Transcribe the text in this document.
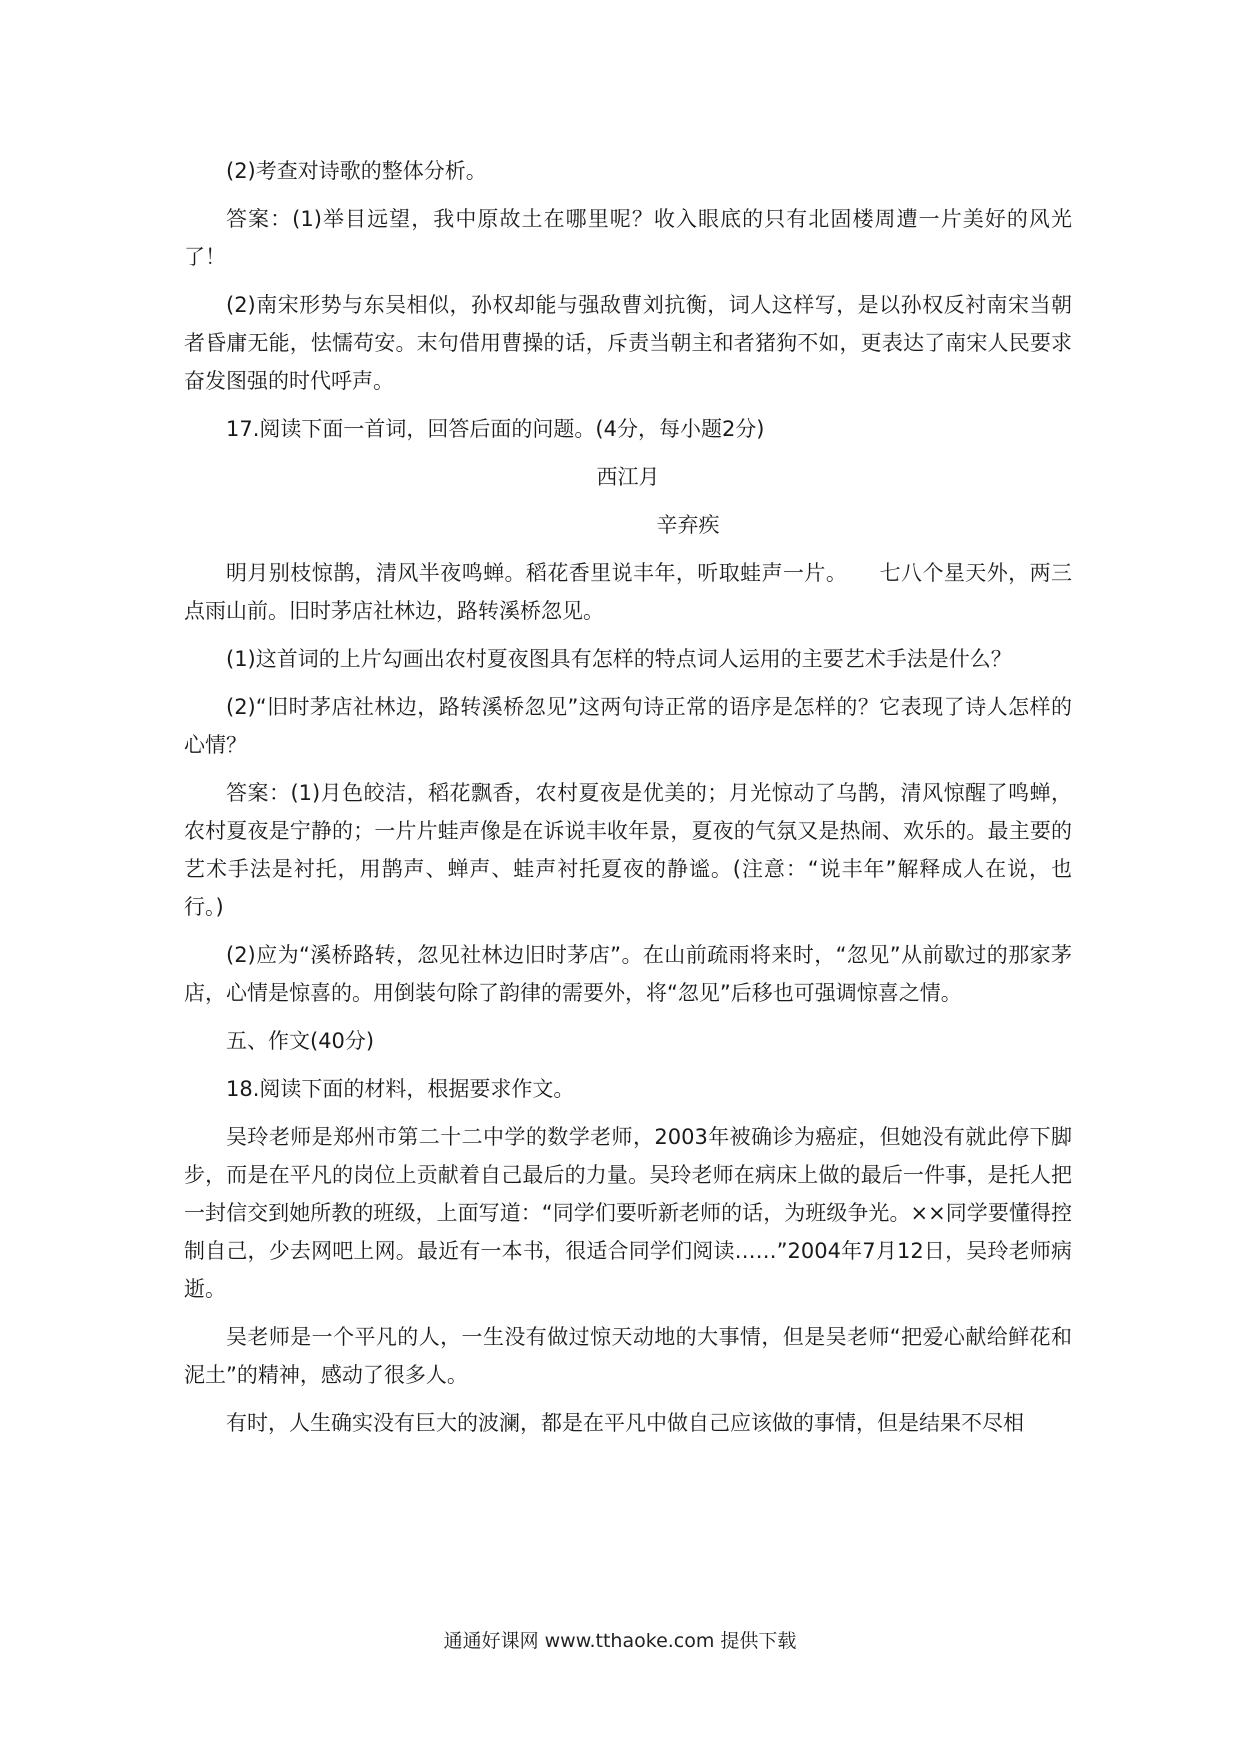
(2)考查对诗歌的整体分析。

答案：(1)举目远望，我中原故土在哪里呢？收入眼底的只有北固楼周遭一片美好的风光了！

(2)南宋形势与东吴相似，孙权却能与强敌曹刘抗衡，词人这样写，是以孙权反衬南宋当朝者昏庸无能，怯懦苟安。末句借用曹操的话，斥责当朝主和者猪狗不如，更表达了南宋人民要求奋发图强的时代呼声。

17.阅读下面一首词，回答后面的问题。(4分，每小题2分)

西江月

辛弃疾

明月别枝惊鹊，清风半夜鸣蝉。稻花香里说丰年，听取蛙声一片。　　七八个星天外，两三点雨山前。旧时茅店社林边，路转溪桥忽见。

(1)这首词的上片勾画出农村夏夜图具有怎样的特点词人运用的主要艺术手法是什么？

(2)“旧时茅店社林边，路转溪桥忽见”这两句诗正常的语序是怎样的？它表现了诗人怎样的心情？

答案：(1)月色皎洁，稻花飘香，农村夏夜是优美的；月光惊动了乌鹊，清风惊醒了鸣蝉，农村夏夜是宁静的；一片片蛙声像是在诉说丰收年景，夏夜的气氛又是热闹、欢乐的。最主要的艺术手法是衬托，用鹊声、蝉声、蛙声衬托夏夜的静谧。(注意：“说丰年”解释成人在说，也行。)

(2)应为“溪桥路转，忽见社林边旧时茅店”。在山前疏雨将来时，“忽见”从前歇过的那家茅店，心情是惊喜的。用倒装句除了韵律的需要外，将“忽见”后移也可强调惊喜之情。

五、作文(40分)

18.阅读下面的材料，根据要求作文。

吴玲老师是郑州市第二十二中学的数学老师，2003年被确诊为癌症，但她没有就此停下脚步，而是在平凡的岗位上贡献着自己最后的力量。吴玲老师在病床上做的最后一件事，是托人把一封信交到她所教的班级，上面写道：“同学们要听新老师的话，为班级争光。××同学要懂得控制自己，少去网吧上网。最近有一本书，很适合同学们阅读……”2004年7月12日，吴玲老师病逝。

吴老师是一个平凡的人，一生没有做过惊天动地的大事情，但是吴老师“把爱心献给鲜花和泥土”的精神，感动了很多人。

有时，人生确实没有巨大的波澜，都是在平凡中做自己应该做的事情，但是结果不尽相

通通好课网 www.tthaoke.com 提供下载
